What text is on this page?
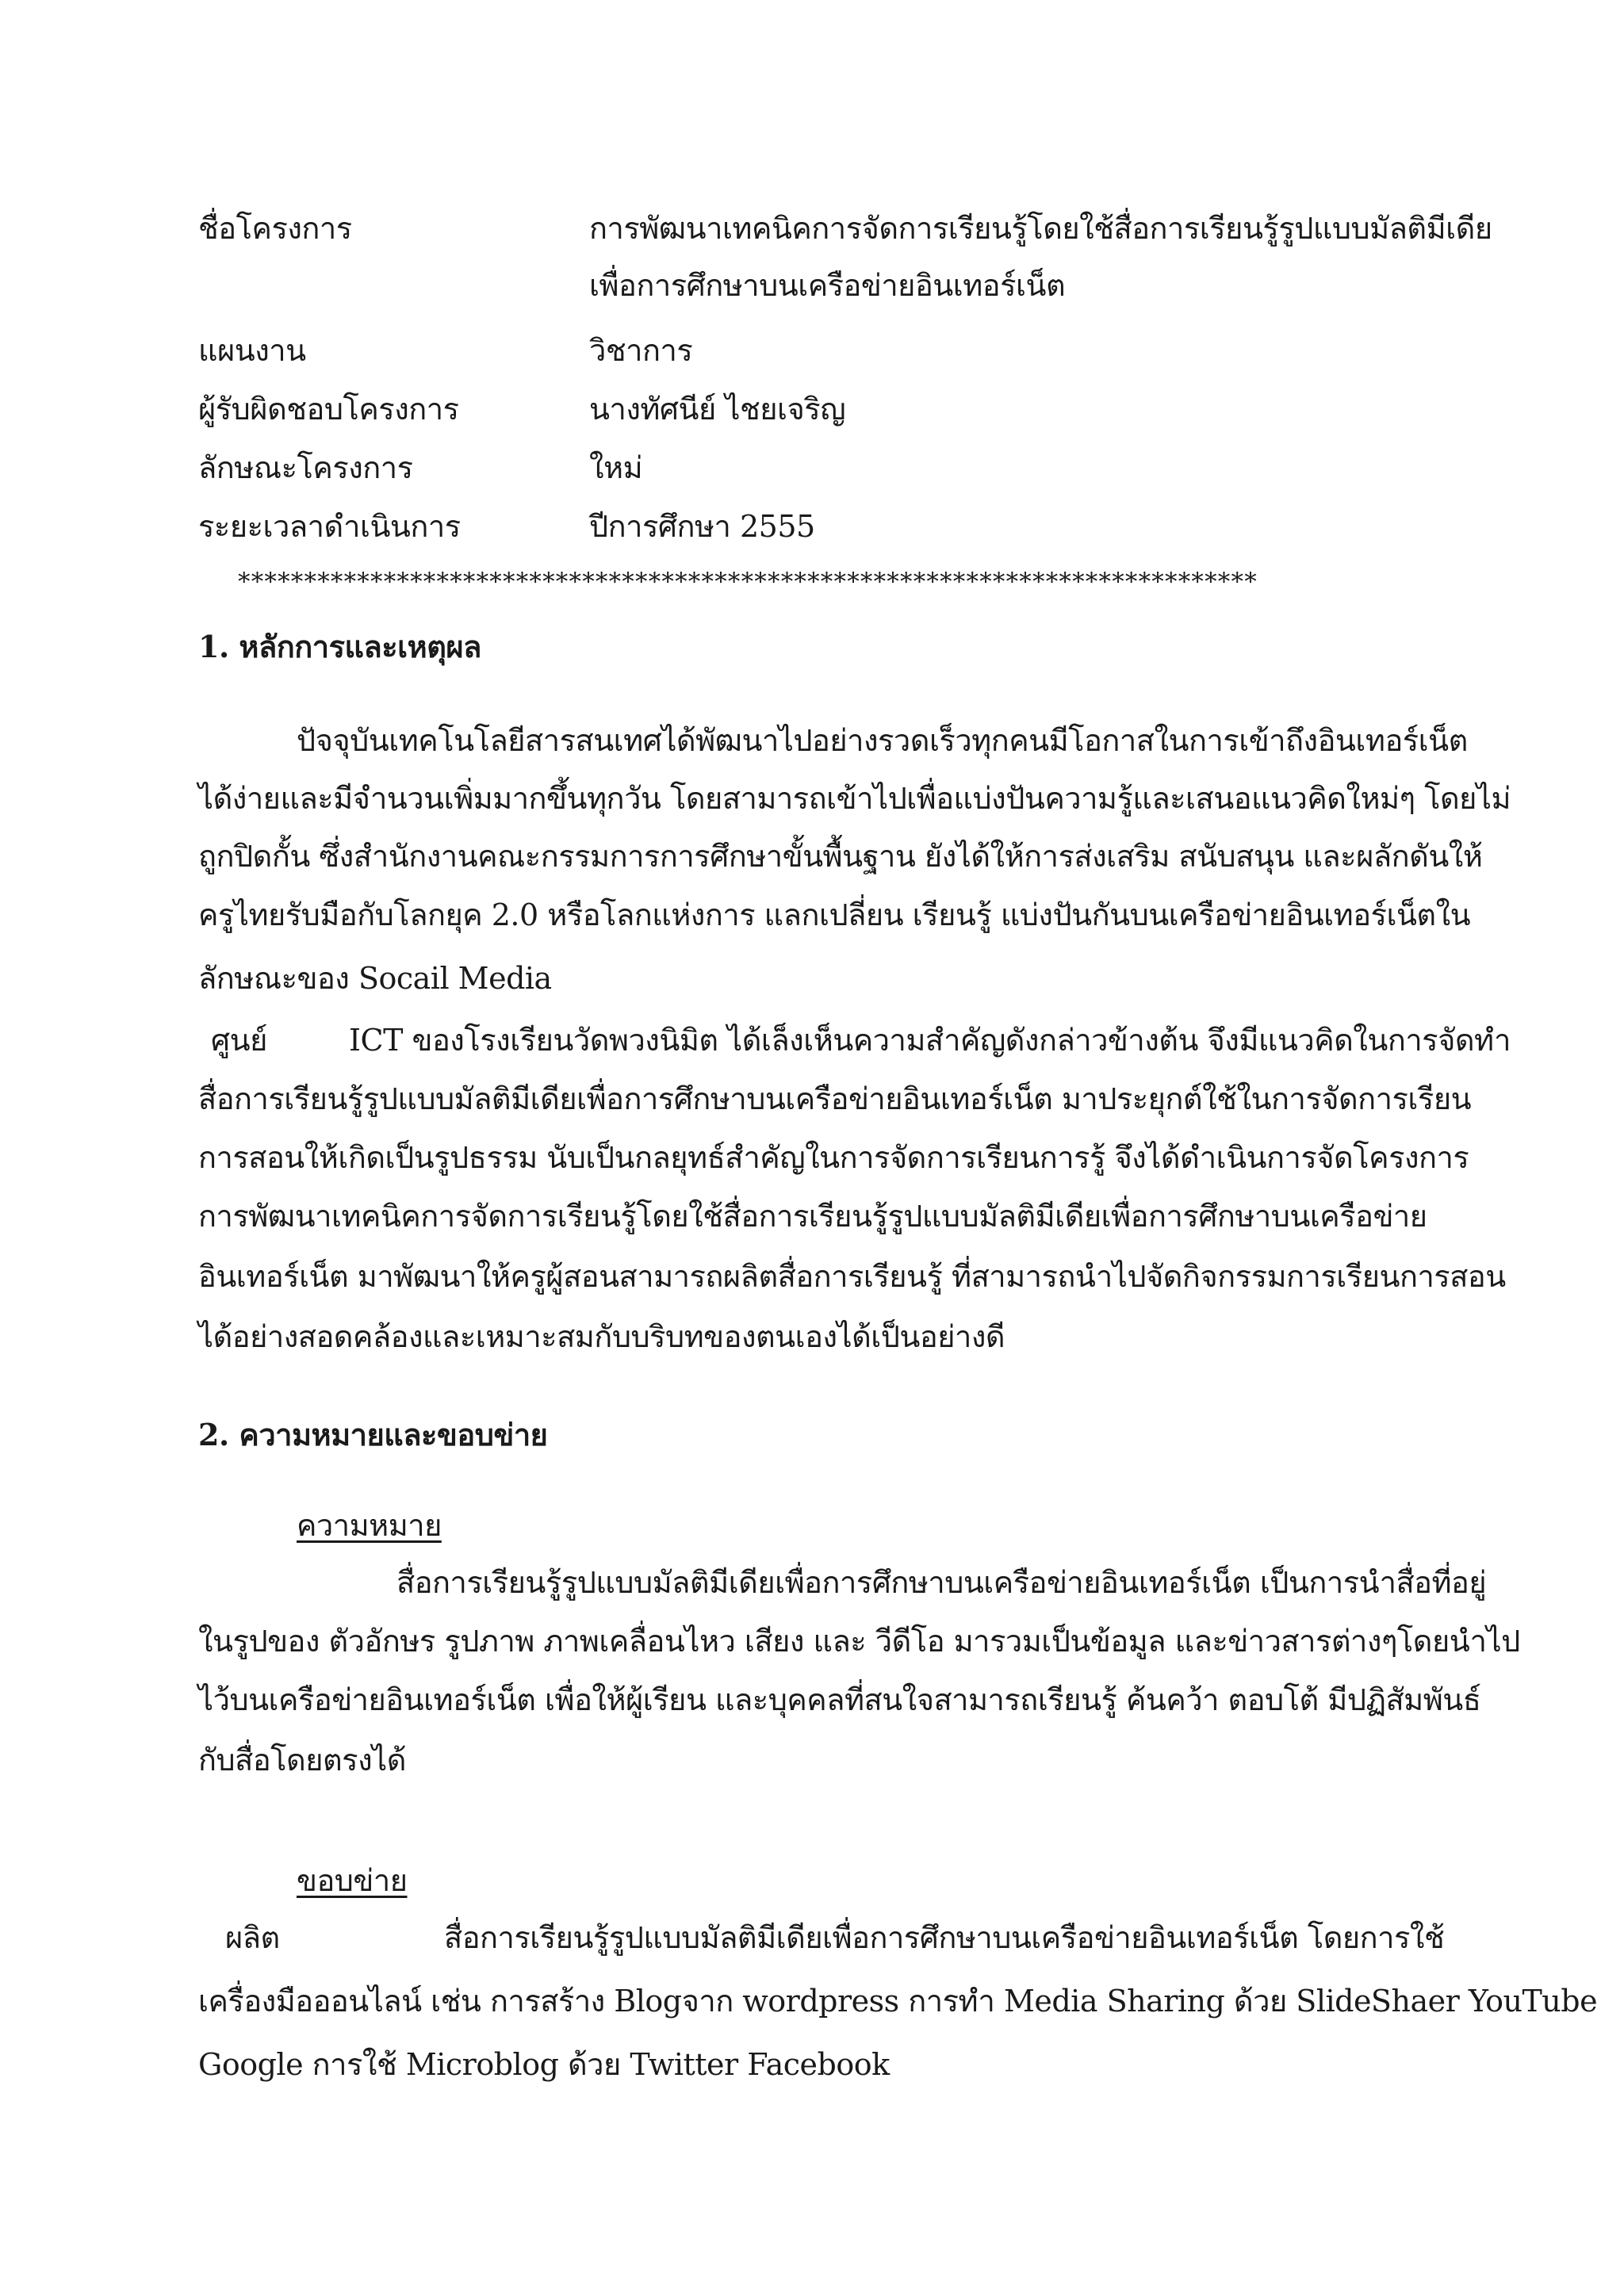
ชื่อโครงการ	การพัฒนาเทคนิคการจัดการเรียนรู้โดยใช้สื่อการเรียนรู้รูปแบบมัลติมีเดีย
เพื่อการศึกษาบนเครือข่ายอินเทอร์เน็ต
แผนงาน	วิชาการ
ผู้รับผิดชอบโครงการ	นางทัศนีย์ ไชยเจริญ
ลักษณะโครงการ	ใหม่
ระยะเวลาดำเนินการ	ปีการศึกษา 2555
*****************************************************************************
1. หลักการและเหตุผล
ปัจจุบันเทคโนโลยีสารสนเทศได้พัฒนาไปอย่างรวดเร็วทุกคนมีโอกาสในการเข้าถึงอินเทอร์เน็ต
ได้ง่ายและมีจำนวนเพิ่มมากขึ้นทุกวัน โดยสามารถเข้าไปเพื่อแบ่งปันความรู้และเสนอแนวคิดใหม่ๆ โดยไม่
ถูกปิดกั้น ซึ่งสำนักงานคณะกรรมการการศึกษาขั้นพื้นฐาน ยังได้ให้การส่งเสริม สนับสนุน และผลักดันให้
ครูไทยรับมือกับโลกยุค 2.0 หรือโลกแห่งการ แลกเปลี่ยน เรียนรู้ แบ่งปันกันบนเครือข่ายอินเทอร์เน็ตใน
ลักษณะของ Socail Media
ศูนย์	ICT ของโรงเรียนวัดพวงนิมิต ได้เล็งเห็นความสำคัญดังกล่าวข้างต้น จึงมีแนวคิดในการจัดทำ
สื่อการเรียนรู้รูปแบบมัลติมีเดียเพื่อการศึกษาบนเครือข่ายอินเทอร์เน็ต มาประยุกต์ใช้ในการจัดการเรียน
การสอนให้เกิดเป็นรูปธรรม นับเป็นกลยุทธ์สำคัญในการจัดการเรียนการรู้ จึงได้ดำเนินการจัดโครงการ
การพัฒนาเทคนิคการจัดการเรียนรู้โดยใช้สื่อการเรียนรู้รูปแบบมัลติมีเดียเพื่อการศึกษาบนเครือข่าย
อินเทอร์เน็ต มาพัฒนาให้ครูผู้สอนสามารถผลิตสื่อการเรียนรู้ ที่สามารถนำไปจัดกิจกรรมการเรียนการสอน
ได้อย่างสอดคล้องและเหมาะสมกับบริบทของตนเองได้เป็นอย่างดี
2. ความหมายและขอบข่าย
ความหมาย
สื่อการเรียนรู้รูปแบบมัลติมีเดียเพื่อการศึกษาบนเครือข่ายอินเทอร์เน็ต เป็นการนำสื่อที่อยู่
ในรูปของ ตัวอักษร รูปภาพ ภาพเคลื่อนไหว เสียง และ วีดีโอ มารวมเป็นข้อมูล และข่าวสารต่างๆโดยนำไป
ไว้บนเครือข่ายอินเทอร์เน็ต เพื่อให้ผู้เรียน และบุคคลที่สนใจสามารถเรียนรู้ ค้นคว้า ตอบโต้ มีปฏิสัมพันธ์
กับสื่อโดยตรงได้
ขอบข่าย
ผลิต	สื่อการเรียนรู้รูปแบบมัลติมีเดียเพื่อการศึกษาบนเครือข่ายอินเทอร์เน็ต โดยการใช้
เครื่องมือออนไลน์ เช่น การสร้าง Blogจาก wordpress การทำ Media Sharing ด้วย SlideShaer YouTube
Google การใช้ Microblog ด้วย Twitter Facebook
